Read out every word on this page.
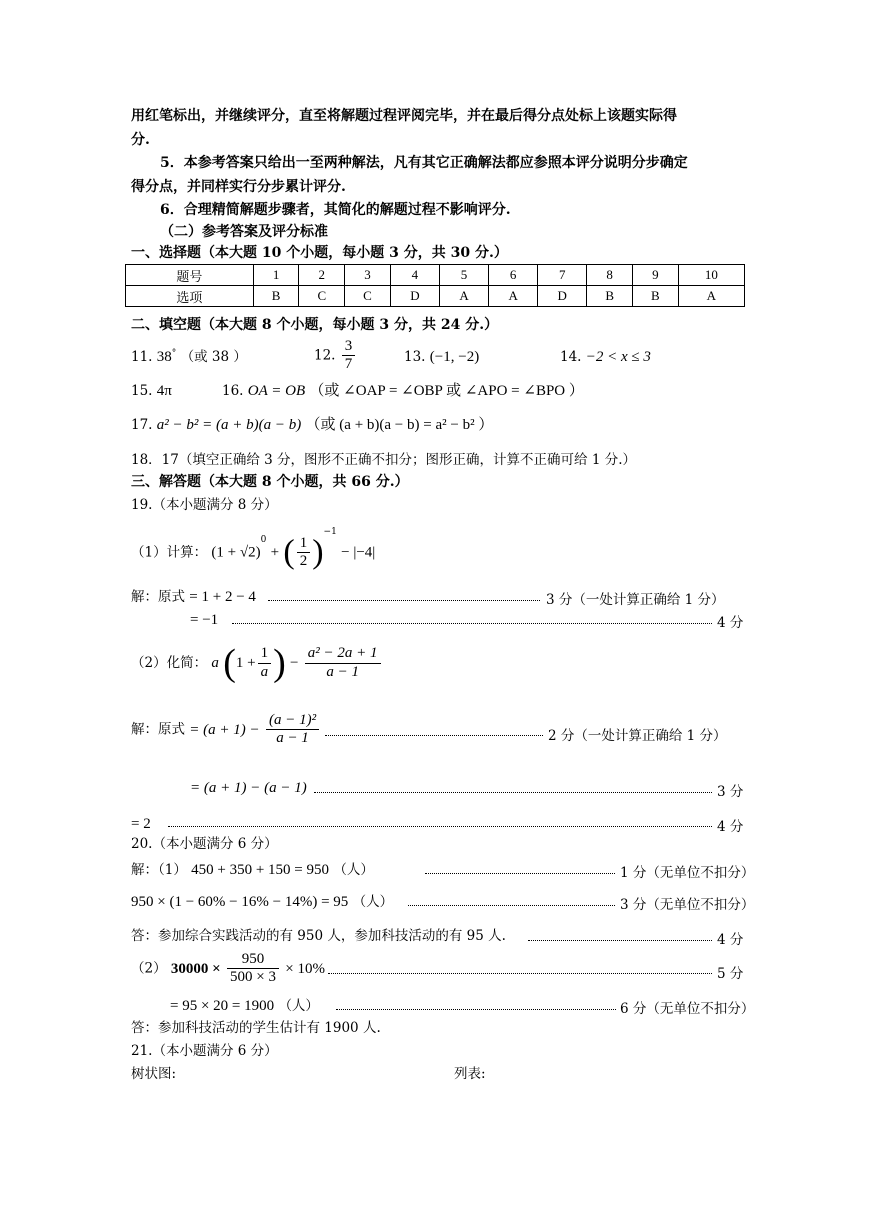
用红笔标出，并继续评分，直至将解题过程评阅完毕，并在最后得分点处标上该题实际得
分.
5．本参考答案只给出一至两种解法，凡有其它正确解法都应参照本评分说明分步确定
得分点，并同样实行分步累计评分.
6．合理精简解题步骤者，其简化的解题过程不影响评分.
（二）参考答案及评分标准
一、选择题（本大题 10 个小题，每小题 3 分，共 30 分.）
题号	1	2	3	4	5	6	7	8	9	10
选项	B	C	C	D	A	A	D	B	B	A
二、填空题（本大题 8 个小题，每小题 3 分，共 24 分.）
11. 38° （或 38 ）	12. $\frac{3}{7}$	13. (−1, −2)	14. −2 < x ≤ 3
15. 4π	16. OA = OB （或 ∠OAP = ∠OBP 或 ∠APO = ∠BPO ）
17. a² − b² = (a + b)(a − b) （或 (a + b)(a − b) = a² − b² ）
18．17（填空正确给 3 分，图形不正确不扣分；图形正确，计算不正确可给 1 分.）
三、解答题（本大题 8 个小题，共 66 分.）
19.（本小题满分 8 分）
（1）计算： $(1 + √2)^0$ + ( $\frac{1}{2} )^{-1} - |-4|$
解：原式 = 1 + 2 − 4	3 分（一处计算正确给 1 分）
= −1	4 分
（2）化简： a ($1 + \frac{1}{a}$ ) − $\frac{\text{a² − 2a + 1}}{a - 1}$
解：原式 = $(a + 1) - \frac{\text{(a − 1)²}}{a - 1}$	2 分（一处计算正确给 1 分）
= (a + 1) − (a − 1)	3 分
= 2	4 分
20.（本小题满分 6 分）
解：（1） 450 + 350 + 150 = 950 （人）	1 分（无单位不扣分）
950 × (1 − 60% − 16% − 14%) = 95 （人）	3 分（无单位不扣分）
答：参加综合实践活动的有 950 人，参加科技活动的有 95 人.	4 分
（2） $30000 \times \frac{950}{500 \times 3} \times 10\%$	5 分
= 95 × 20 = 1900 （人）	6 分（无单位不扣分）
答：参加科技活动的学生估计有 1900 人.
21.（本小题满分 6 分）
树状图:	列表:
